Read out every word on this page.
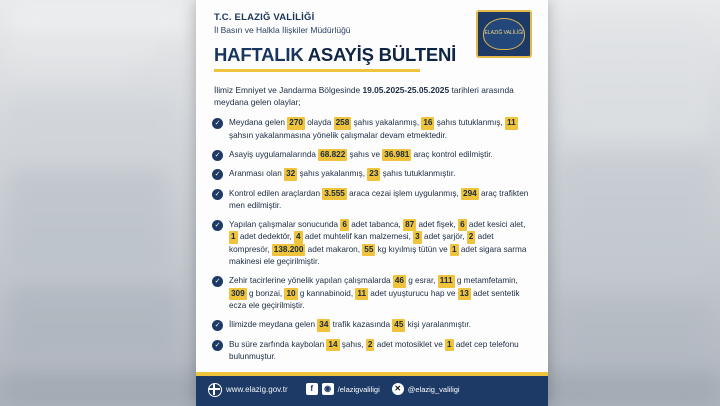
T.C. ELAZIĞ VALİLİĞİ
İl Basın ve Halkla İlişkiler Müdürlüğü
HAFTALIK ASAYİŞ BÜLTENİ
ELAZIĞ VALİLİĞİ
İlimiz Emniyet ve Jandarma Bölgesinde 19.05.2025-25.05.2025 tarihleri arasında meydana gelen olaylar;
✓	Meydana gelen 270 olayda 258 şahıs yakalanmış, 16 şahıs tutuklanmış, 11 şahsın yakalanmasına yönelik çalışmalar devam etmektedir.
✓	Asayiş uygulamalarında 68.822 şahıs ve 36.981 araç kontrol edilmiştir.
✓	Aranması olan 32 şahıs yakalanmış, 23 şahıs tutuklanmıştır.
✓	Kontrol edilen araçlardan 3.555 araca cezai işlem uygulanmış, 294 araç trafikten men edilmiştir.
✓	Yapılan çalışmalar sonucunda 6 adet tabanca, 87 adet fişek, 6 adet kesici alet, 1 adet dedektör, 4 adet muhtelif kan malzemesi, 3 adet şarjör, 2 adet kompresör, 138.200 adet makaron, 55 kg kıyılmış tütün ve 1 adet sigara sarma makinesi ele geçirilmiştir.
✓	Zehir tacirlerine yönelik yapılan çalışmalarda 46 g esrar, 111 g metamfetamin, 309 g bonzai, 10 g kannabinoid, 11 adet uyuşturucu hap ve 13 adet sentetik ecza ele geçirilmiştir.
✓	İlimizde meydana gelen 34 trafik kazasında 45 kişi yaralanmıştır.
✓	Bu süre zarfında kaybolan 14 şahıs, 2 adet motosiklet ve 1 adet cep telefonu bulunmuştur.
www.elazig.gov.tr	f	◉ /elazigvaliligi	✕ @elazig_valiligi
